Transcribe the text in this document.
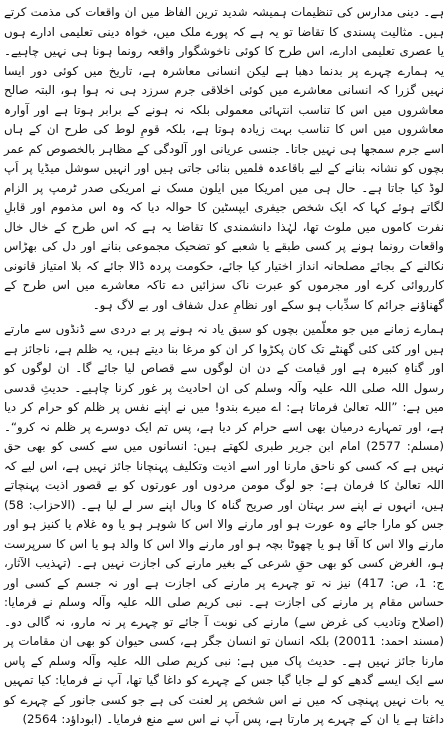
ہے۔ دینی مدارس کی تنظیمات ہمیشہ شدید ترین الفاظ میں ان واقعات کی مذمت کرتے ہیں۔ مثالیت پسندی کا تقاضا تو یہ ہے کہ پورے ملک میں، خواہ دینی تعلیمی ادارے ہوں یا عصری تعلیمی ادارے، اس طرح کا کوئی ناخوشگوار واقعہ رونما ہونا ہی نہیں چاہیے۔ یہ ہمارے چہرے پر بدنما دھبا ہے لیکن انسانی معاشرہ ہے، تاریخ میں کوئی دور ایسا نہیں گزرا کہ انسانی معاشرے میں کوئی اخلاقی جرم سرزد ہی نہ ہوا ہو، البتہ صالح معاشروں میں اس کا تناسب انتہائی معمولی بلکہ نہ ہونے کے برابر ہوتا ہے اور آوارہ معاشروں میں اس کا تناسب بہت زیادہ ہوتا ہے، بلکہ قومِ لوط کی طرح ان کے ہاں اسے جرم سمجھا ہی نہیں جاتا۔ جنسی عریانی اور آلودگی کے مظاہر بالخصوص کم عمر بچوں کو نشانہ بنانے کے لیے باقاعدہ فلمیں بنائی جاتی ہیں اور انہیں سوشل میڈیا پر اَپ لوڈ کیا جاتا ہے۔ حال ہی میں امریکا میں ایلون مسک نے امریکی صدر ٹرمپ پر الزام لگاتے ہوئے کہا کہ ایک شخص جیفری ایپسٹین کا حوالہ دیا کہ وہ اس مذموم اور قابلِ نفرت کاموں میں ملوث تھا، لہٰذا دانشمندی کا تقاضا یہ ہے کہ اس طرح کے خال خال واقعات رونما ہونے پر کسی طبقے یا شعبے کو تضحیک مجموعی بنانے اور دل کی بھڑاس نکالنے کے بجائے مصلحانہ انداز اختیار کیا جائے، حکومت پردہ ڈالا جائے کہ بلا امتیاز قانونی کارروائی کرے اور مجرموں کو عبرت ناک سزائیں دے تاکہ معاشرے میں اس طرح کے گھناؤنے جرائم کا سدِّباب ہو سکے اور نظامِ عدل شفاف اور بے لاگ ہو۔

ہمارے زمانے میں جو معلّمین بچوں کو سبق یاد نہ ہونے پر بے دردی سے ڈنڈوں سے مارتے ہیں اور کئی کئی گھنٹے تک کان پکڑوا کر ان کو مرغا بنا دیتے ہیں، یہ ظلم ہے، ناجائز ہے اور گناہِ کبیرہ ہے اور قیامت کے دن ان لوگوں سے قصاص لیا جائے گا۔ ان لوگوں کو رسول اللہ صلی اللہ علیہ وآلہ وسلم کی ان احادیث پر غور کرنا چاہیے۔ حدیثِ قدسی میں ہے: ”اللہ تعالیٰ فرماتا ہے: اے میرے بندو! میں نے اپنے نفس پر ظلم کو حرام کر دیا ہے، اور تمہارے درمیان بھی اسے حرام کر دیا ہے، پس تم ایک دوسرے پر ظلم نہ کرو“۔ (مسلم: 2577) امام ابن جریر طبری لکھتے ہیں: انسانوں میں سے کسی کو بھی حق نہیں ہے کہ کسی کو ناحق مارنا اور اسے اذیت وتکلیف پہنچانا جائز نہیں ہے، اس لیے کہ اللہ تعالیٰ کا فرمان ہے: جو لوگ مومن مردوں اور عورتوں کو بے قصور اذیت پہنچاتے ہیں، انہوں نے اپنے سر بہتان اور صریح گناہ کا وبال اپنے سر لے لیا ہے۔ (الاحزاب: 58) جس کو مارا جائے وہ عورت ہو اور مارنے والا اس کا شوہر ہو یا وہ غلام یا کنیز ہو اور مارنے والا اس کا آقا ہو یا چھوٹا بچہ ہو اور مارنے والا اس کا والد ہو یا اس کا سرپرست ہو، الغرض کسی کو بھی حقِ شرعی کے بغیر مارنے کی اجازت نہیں ہے۔ (تہذیب الآثار، ج: 1، ص: 417) نیز نہ تو چہرے پر مارنے کی اجازت ہے اور نہ جسم کے کسی اور حساس مقام پر مارنے کی اجازت ہے۔ نبی کریم صلی اللہ علیہ وآلہ وسلم نے فرمایا: (اصلاح وتادیب کی غرض سے) مارنے کی نوبت آ جائے تو چہرے پر نہ مارو، نہ گالی دو۔ (مسند احمد: 20011) بلکہ انسان تو انسان جگر ہے، کسی حیوان کو بھی ان مقامات پر مارنا جائز نہیں ہے۔ حدیث پاک میں ہے: نبی کریم صلی اللہ علیہ وآلہ وسلم کے پاس سے ایک ایسے گدھے کو لے جایا گیا جس کے چہرے کو داغا گیا تھا، آپ نے فرمایا: کیا تمہیں یہ بات نہیں پہنچی کہ میں نے اس شخص پر لعنت کی ہے جو کسی جانور کے چہرے کو داغتا ہے یا ان کے چہرے پر مارتا ہے، پس آپ نے اس سے منع فرمایا۔ (ابوداؤد: 2564)
